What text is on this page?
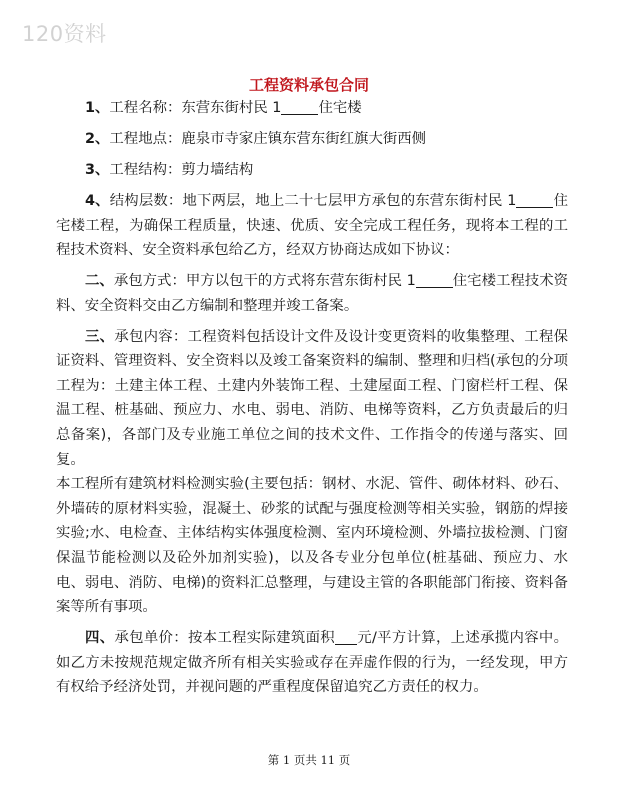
120资料
工程资料承包合同

1、工程名称：东营东街村民 1	住宅楼

2、工程地点：鹿泉市寺家庄镇东营东街红旗大街西侧

3、工程结构：剪力墙结构

4、结构层数：地下两层，地上二十七层甲方承包的东营东街村民 1	住宅楼工程，为确保工程质量，快速、优质、安全完成工程任务，现将本工程的工程技术资料、安全资料承包给乙方，经双方协商达成如下协议：

二、承包方式：甲方以包干的方式将东营东街村民 1	住宅楼工程技术资料、安全资料交由乙方编制和整理并竣工备案。

三、承包内容：工程资料包括设计文件及设计变更资料的收集整理、工程保证资料、管理资料、安全资料以及竣工备案资料的编制、整理和归档(承包的分项工程为：土建主体工程、土建内外装饰工程、土建屋面工程、门窗栏杆工程、保温工程、桩基础、预应力、水电、弱电、消防、电梯等资料，乙方负责最后的归总备案)，各部门及专业施工单位之间的技术文件、工作指令的传递与落实、回复。

本工程所有建筑材料检测实验(主要包括：钢材、水泥、管件、砌体材料、砂石、外墙砖的原材料实验，混凝土、砂浆的试配与强度检测等相关实验，钢筋的焊接实验;水、电检查、主体结构实体强度检测、室内环境检测、外墙拉拔检测、门窗保温节能检测以及砼外加剂实验)，以及各专业分包单位(桩基础、预应力、水电、弱电、消防、电梯)的资料汇总整理，与建设主管的各职能部门衔接、资料备案等所有事项。

四、承包单价：按本工程实际建筑面积 元/平方计算，上述承揽内容中。如乙方未按规范规定做齐所有相关实验或存在弄虚作假的行为，一经发现，甲方有权给予经济处罚，并视问题的严重程度保留追究乙方责任的权力。

第 1 页共 11 页
